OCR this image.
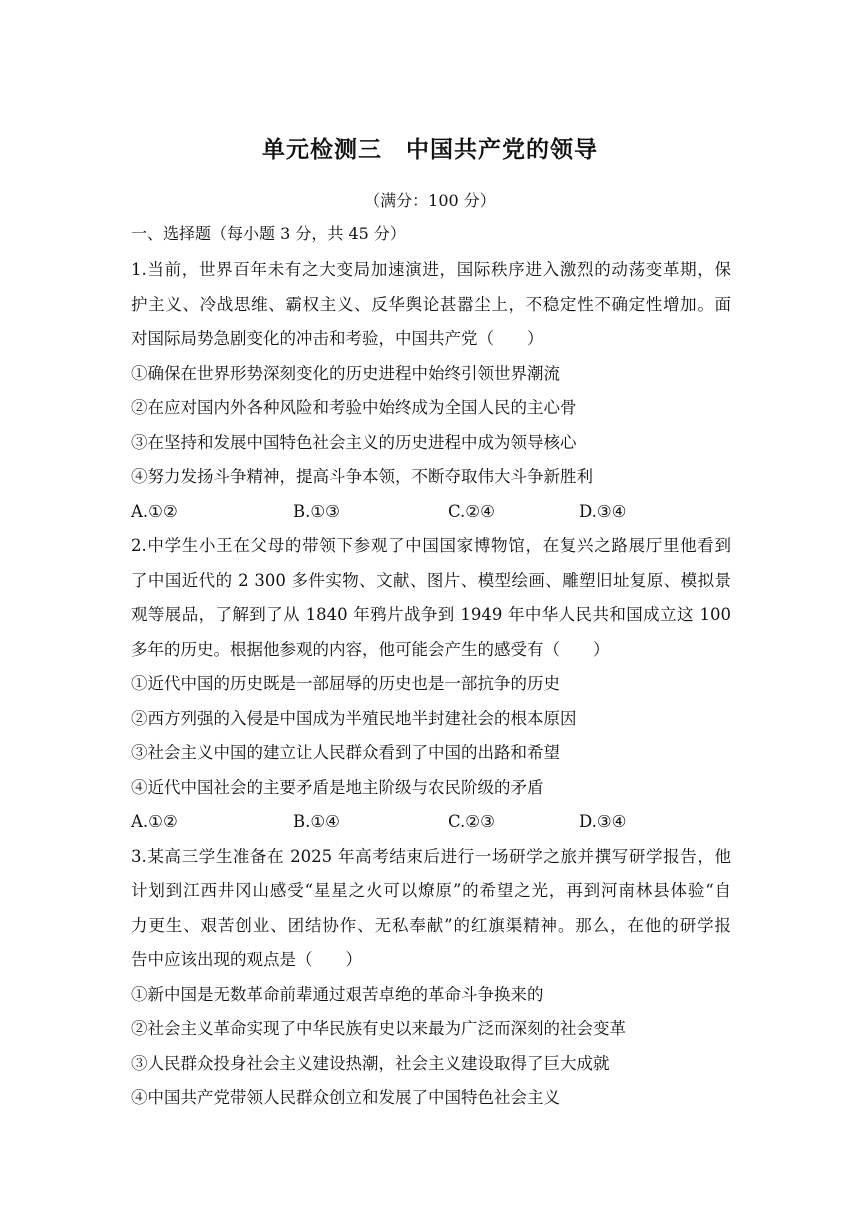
单元检测三　中国共产党的领导
（满分：100 分）
一、选择题（每小题 3 分，共 45 分）
1.当前，世界百年未有之大变局加速演进，国际秩序进入激烈的动荡变革期，保
护主义、冷战思维、霸权主义、反华舆论甚嚣尘上，不稳定性不确定性增加。面
对国际局势急剧变化的冲击和考验，中国共产党（　　）
①确保在世界形势深刻变化的历史进程中始终引领世界潮流
②在应对国内外各种风险和考验中始终成为全国人民的主心骨
③在坚持和发展中国特色社会主义的历史进程中成为领导核心
④努力发扬斗争精神，提高斗争本领，不断夺取伟大斗争新胜利
A.①②	B.①③	C.②④	D.③④
2.中学生小王在父母的带领下参观了中国国家博物馆，在复兴之路展厅里他看到
了中国近代的 2 300 多件实物、文献、图片、模型绘画、雕塑旧址复原、模拟景
观等展品，了解到了从 1840 年鸦片战争到 1949 年中华人民共和国成立这 100
多年的历史。根据他参观的内容，他可能会产生的感受有（　　）
①近代中国的历史既是一部屈辱的历史也是一部抗争的历史
②西方列强的入侵是中国成为半殖民地半封建社会的根本原因
③社会主义中国的建立让人民群众看到了中国的出路和希望
④近代中国社会的主要矛盾是地主阶级与农民阶级的矛盾
A.①②	B.①④	C.②③	D.③④
3.某高三学生准备在 2025 年高考结束后进行一场研学之旅并撰写研学报告，他
计划到江西井冈山感受“星星之火可以燎原”的希望之光，再到河南林县体验“自
力更生、艰苦创业、团结协作、无私奉献”的红旗渠精神。那么，在他的研学报
告中应该出现的观点是（　　）
①新中国是无数革命前辈通过艰苦卓绝的革命斗争换来的
②社会主义革命实现了中华民族有史以来最为广泛而深刻的社会变革
③人民群众投身社会主义建设热潮，社会主义建设取得了巨大成就
④中国共产党带领人民群众创立和发展了中国特色社会主义
